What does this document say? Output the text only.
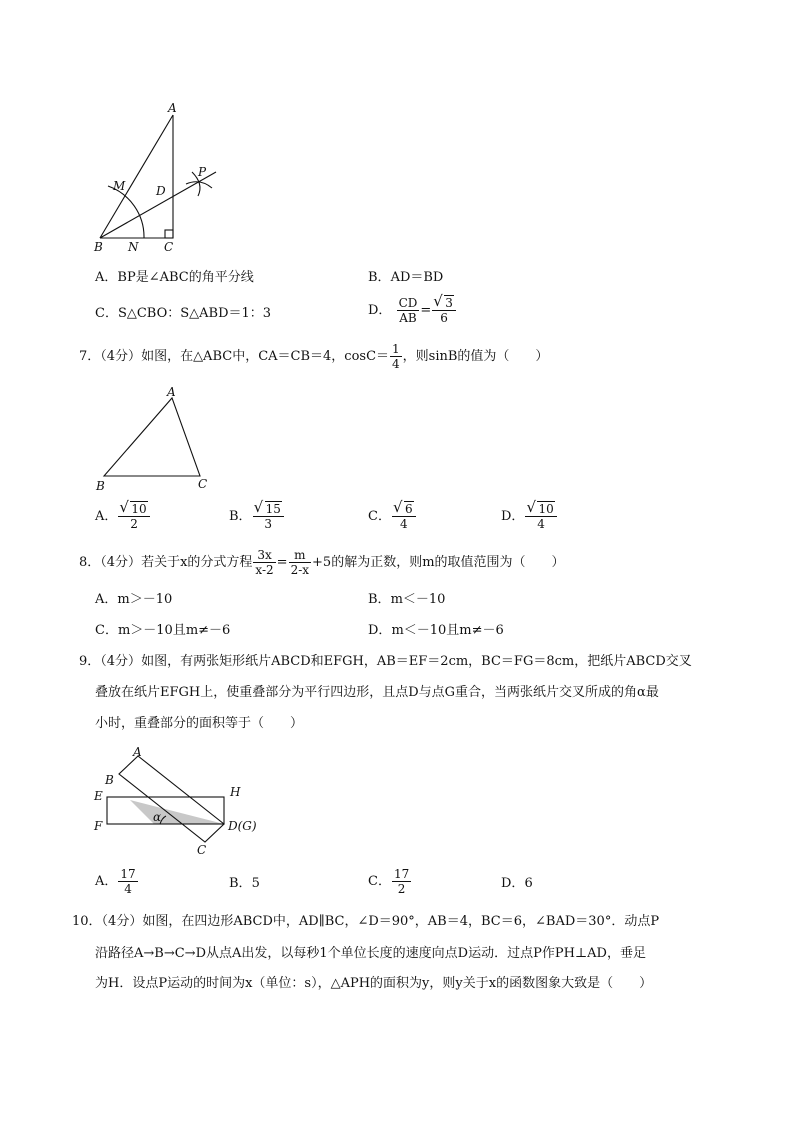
A
M
P
D
B N C
A．BP是∠ABC的角平分线	B．AD＝BD
C．S△CBO：S△ABD＝1：3	D． $\frac{CD}{AB}$ = √ $\frac{3}{6}$
7．（4分）如图，在△ABC中，CA＝CB＝4，$\cos C= \frac{1}{4}$ ，则sinB的值为（　　）
A
B	C
A． √ $\frac{10}{2}$	B． √ $\frac{15}{3}$	C． √ $\frac{6}{4}$	D． √ $\frac{10}{4}$
8．（4分）若关于x的分式方程 $\frac{3x}{x-2} = \frac{m}{2-x} +5$的解为正数，则m的取值范围为（　　）
A．m＞－10	B．m＜－10
C．m＞－10且m≠－6	D．m＜－10且m≠－6
9．（4分）如图，有两张矩形纸片ABCD和EFGH，AB＝EF＝2cm，BC＝FG＝8cm，把纸片ABCD交叉
叠放在纸片EFGH上，使重叠部分为平行四边形，且点D与点G重合，当两张纸片交叉所成的角α最
小时，重叠部分的面积等于（　　）
A
B
E	H
F
α
D(G)
C
A． $\frac{17}{4}$	B．5	C． $\frac{17}{2}$	D．6
10．（4分）如图，在四边形ABCD中，AD∥BC，∠D＝90°，AB＝4，BC＝6，∠BAD＝30°．动点P
沿路径A→B→C→D从点A出发，以每秒1个单位长度的速度向点D运动．过点P作PH⊥AD，垂足
为H．设点P运动的时间为x（单位：s），△APH的面积为y，则y关于x的函数图象大致是（　　）
